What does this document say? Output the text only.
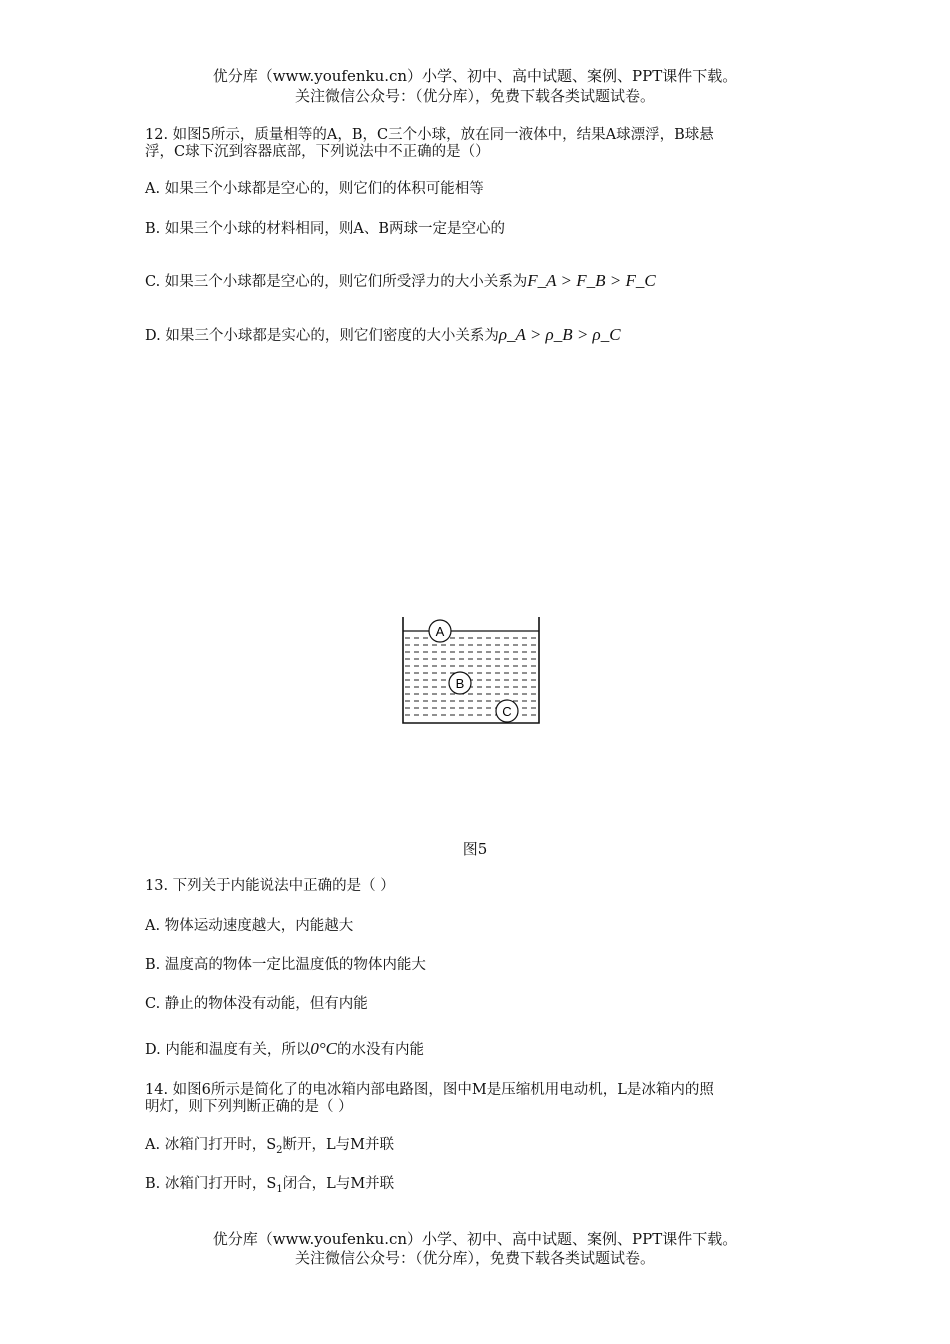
优分库（www.youfenku.cn）小学、初中、高中试题、案例、PPT课件下载。
关注微信公众号：（优分库），免费下载各类试题试卷。
12. 如图5所示，质量相等的A，B，C三个小球，放在同一液体中，结果A球漂浮，B球悬
浮，C球下沉到容器底部，下列说法中不正确的是（）
A. 如果三个小球都是空心的，则它们的体积可能相等
B. 如果三个小球的材料相同，则A、B两球一定是空心的
C. 如果三个小球都是空心的，则它们所受浮力的大小关系为F_A > F_B > F_C
D. 如果三个小球都是实心的，则它们密度的大小关系为ρ_A > ρ_B > ρ_C
A
B
C
图5
13. 下列关于内能说法中正确的是（ ）
A. 物体运动速度越大，内能越大
B. 温度高的物体一定比温度低的物体内能大
C. 静止的物体没有动能，但有内能
D. 内能和温度有关，所以0°C的水没有内能
14. 如图6所示是简化了的电冰箱内部电路图，图中M是压缩机用电动机，L是冰箱内的照
明灯，则下列判断正确的是（ ）
A. 冰箱门打开时，$S_2$断开，L与M并联
B. 冰箱门打开时，$S_1$闭合，L与M并联
优分库（www.youfenku.cn）小学、初中、高中试题、案例、PPT课件下载。
关注微信公众号：（优分库），免费下载各类试题试卷。
